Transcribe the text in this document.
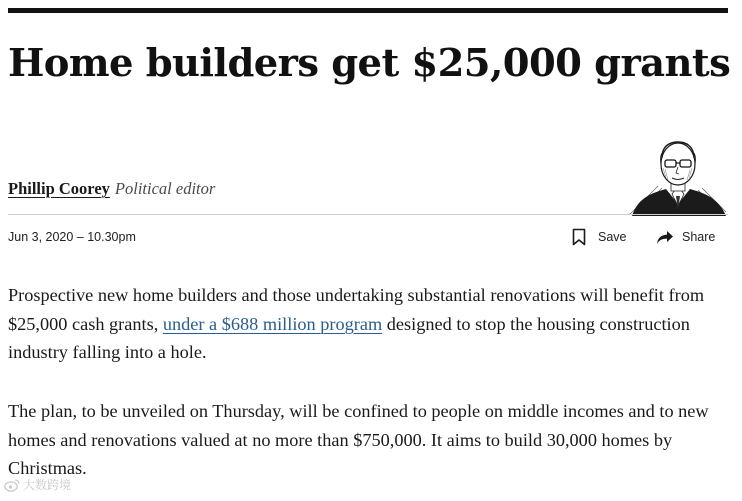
Home builders get $25,000 grants
Phillip Coorey Political editor
Jun 3, 2020 – 10.30pm	Save	Share

Prospective new home builders and those undertaking substantial renovations will benefit from $25,000 cash grants, under a $688 million program designed to stop the housing construction industry falling into a hole.

The plan, to be unveiled on Thursday, will be confined to people on middle incomes and to new homes and renovations valued at no more than $750,000. It aims to build 30,000 homes by Christmas.

大数跨境
